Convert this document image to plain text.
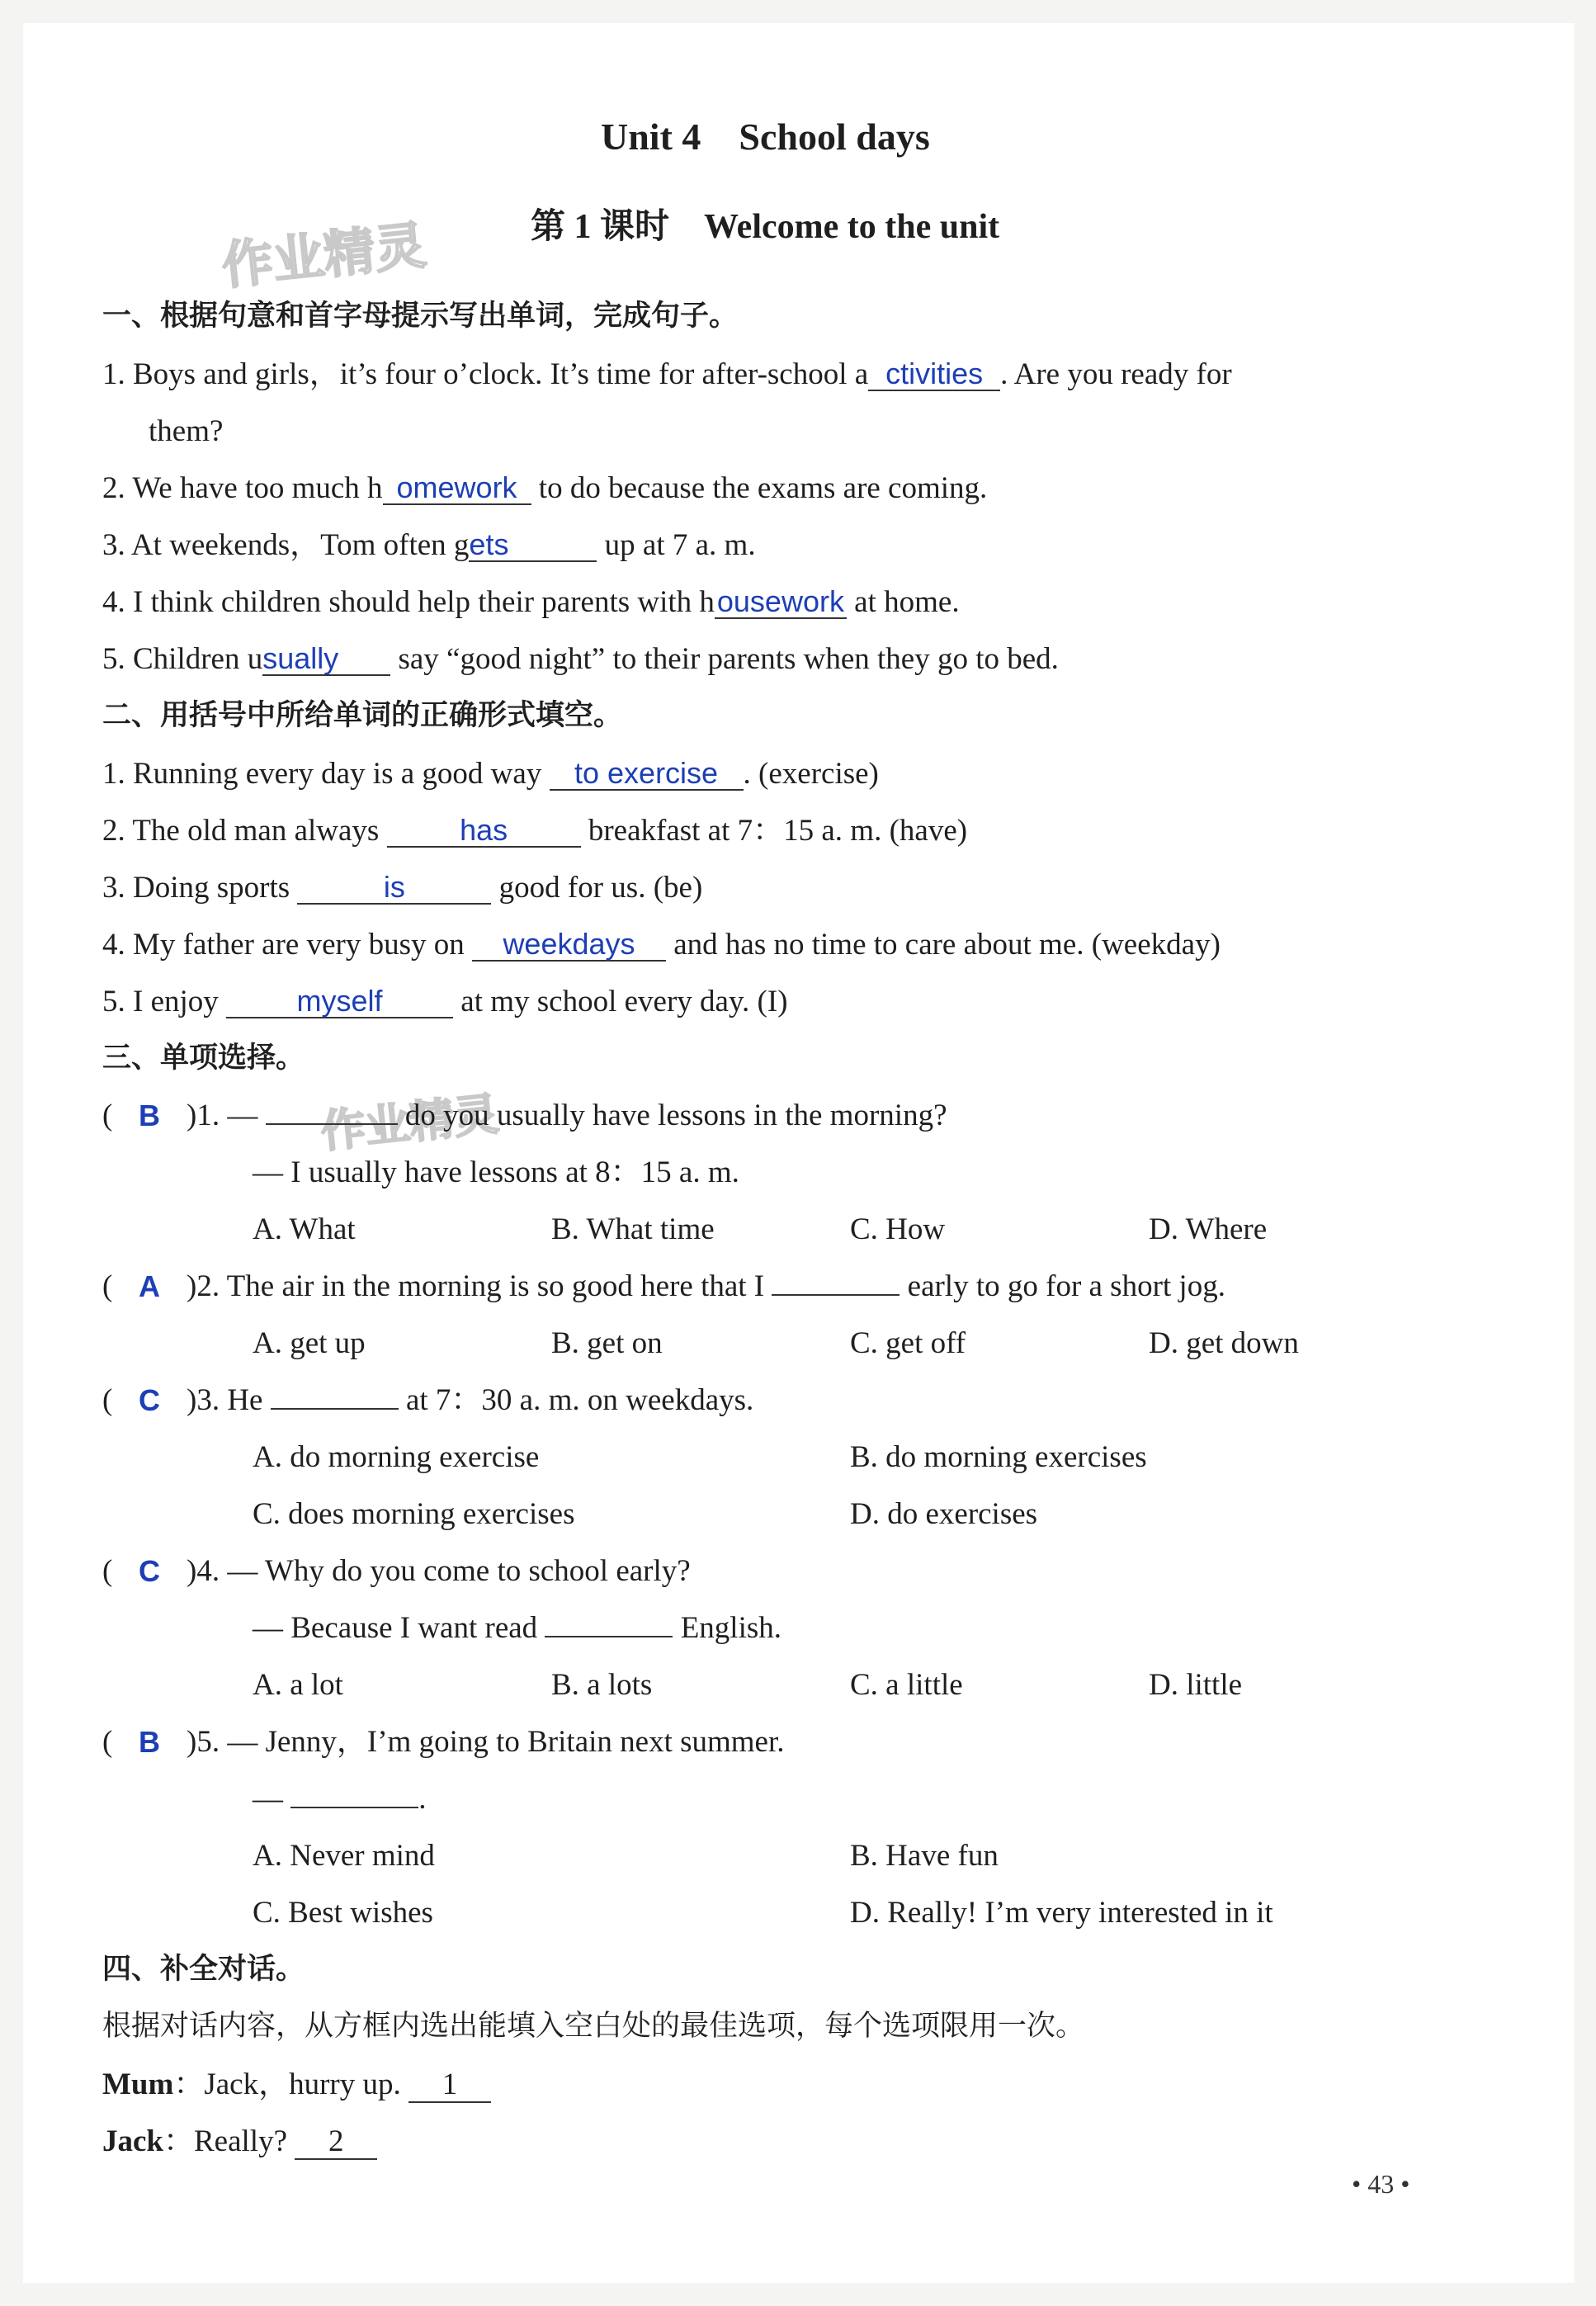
作业精灵
作业精灵
Unit 4　School days
第 1 课时　Welcome to the unit
一、根据句意和首字母提示写出单词，完成句子。
1. Boys and girls，it’s four o’clock. It’s time for after-school a ctivities . Are you ready for
them?
2. We have too much h omework to do because the exams are coming.
3. At weekends，Tom often gets	up at 7 a. m.
4. I think children should help their parents with housework at home.
5. Children usually say “good night” to their parents when they go to bed.
二、用括号中所给单词的正确形式填空。
1. Running every day is a good way to exercise . (exercise)
2. The old man always has breakfast at 7：15 a. m. (have)
3. Doing sports	is	good for us. (be)
4. My father are very busy on weekdays and has no time to care about me. (weekday)
5. I enjoy myself at my school every day. (I)
三、单项选择。
( B )1. —	do you usually have lessons in the morning?
— I usually have lessons at 8：15 a. m.
A. What	B. What time	C. How	D. Where
( A )2. The air in the morning is so good here that I	early to go for a short jog.
A. get up	B. get on	C. get off	D. get down
( C )3. He	at 7：30 a. m. on weekdays.
A. do morning exercise	B. do morning exercises
C. does morning exercises	D. do exercises
( C )4. — Why do you come to school early?
— Because I want read	English.
A. a lot	B. a lots	C. a little	D. little
( B )5. — Jenny，I’m going to Britain next summer.
—	.
A. Never mind	B. Have fun
C. Best wishes	D. Really! I’m very interested in it
四、补全对话。
根据对话内容，从方框内选出能填入空白处的最佳选项，每个选项限用一次。
Mum：Jack，hurry up. 1
Jack：Really? 2
• 43 •
